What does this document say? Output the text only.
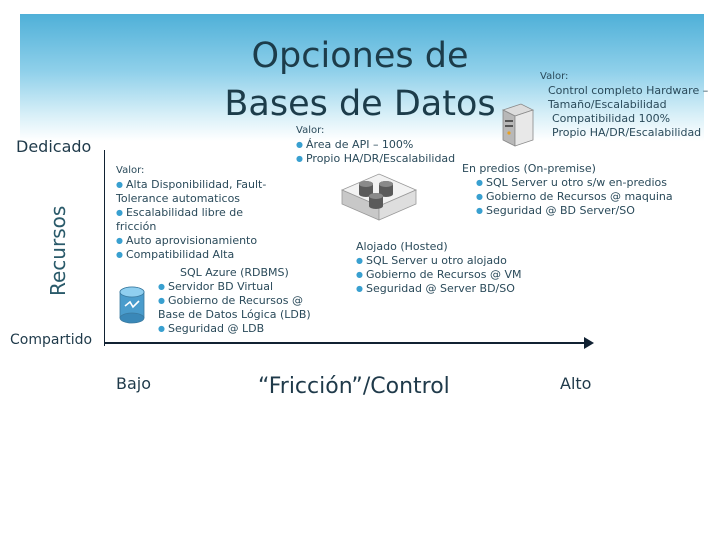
Opciones de
Bases de Datos
Valor:
Control completo Hardware – Tamaño/Escalabilidad
Compatibilidad 100%
Propio HA/DR/Escalabilidad
Valor:
● Área de API – 100%
● Propio HA/DR/Escalabilidad
Valor:
● Alta Disponibilidad, Fault-Tolerance automaticos
● Escalabilidad libre de fricción
● Auto aprovisionamiento
● Compatibilidad Alta
En predios (On-premise)
● SQL Server u otro s/w en-predios
● Gobierno de Recursos @ maquina
● Seguridad @ BD Server/SO
Alojado (Hosted)
● SQL Server u otro alojado
● Gobierno de Recursos @ VM
● Seguridad @ Server BD/SO
SQL Azure (RDBMS)
● Servidor BD Virtual
● Gobierno de Recursos @ Base de Datos Lógica (LDB)
● Seguridad @ LDB
Dedicado
Compartido
Recursos
Bajo	“Fricción”/Control	Alto
